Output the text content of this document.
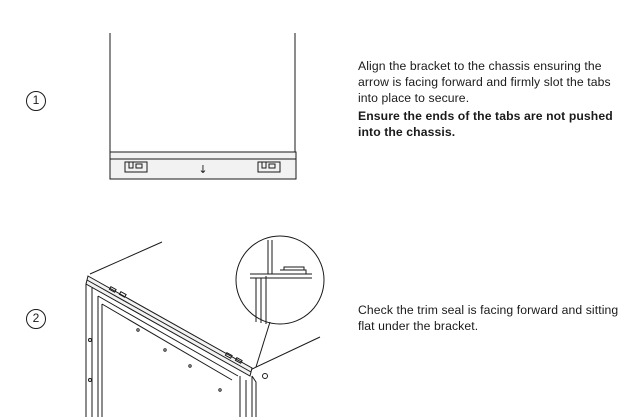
1
↓

Align the bracket to the chassis ensuring the arrow is facing forward and firmly slot the tabs into place to secure.

Ensure the ends of the tabs are not pushed into the chassis.

2

Check the trim seal is facing forward and sitting flat under the bracket.
